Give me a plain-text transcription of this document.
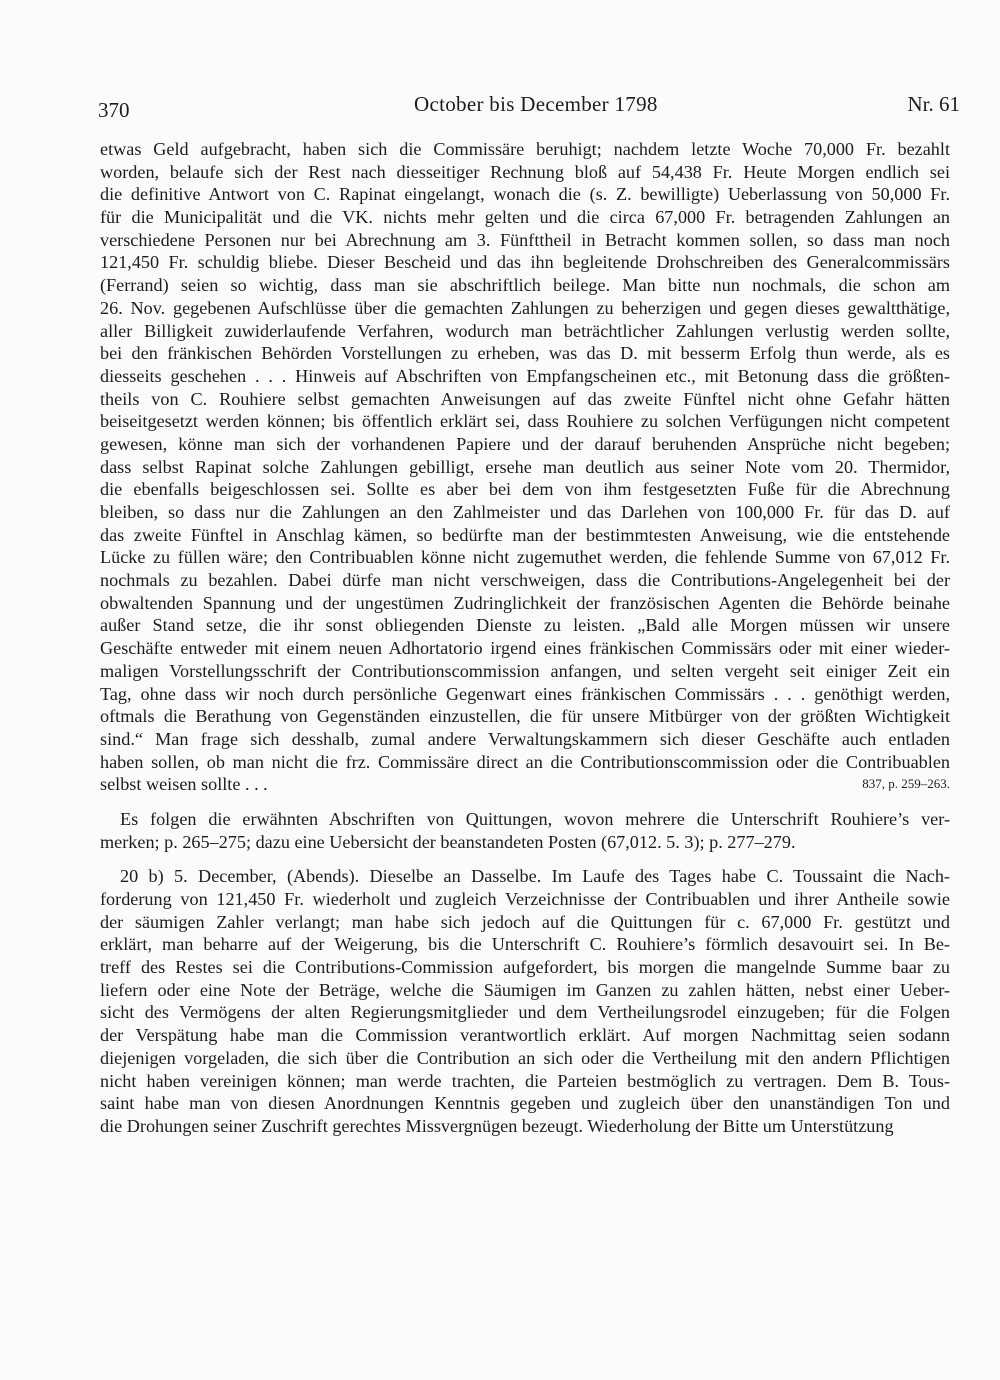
370	October bis December 1798	Nr. 61
etwas Geld aufgebracht, haben sich die Commissäre beruhigt; nachdem letzte Woche 70,000 Fr. bezahlt
worden, belaufe sich der Rest nach diesseitiger Rechnung bloß auf 54,438 Fr. Heute Morgen endlich sei
die definitive Antwort von C. Rapinat eingelangt, wonach die (s. Z. bewilligte) Ueberlassung von 50,000 Fr.
für die Municipalität und die VK. nichts mehr gelten und die circa 67,000 Fr. betragenden Zahlungen an
verschiedene Personen nur bei Abrechnung am 3. Fünfttheil in Betracht kommen sollen, so dass man noch
121,450 Fr. schuldig bliebe. Dieser Bescheid und das ihn begleitende Drohschreiben des Generalcommissärs
(Ferrand) seien so wichtig, dass man sie abschriftlich beilege. Man bitte nun nochmals, die schon am
26. Nov. gegebenen Aufschlüsse über die gemachten Zahlungen zu beherzigen und gegen dieses gewaltthätige,
aller Billigkeit zuwiderlaufende Verfahren, wodurch man beträchtlicher Zahlungen verlustig werden sollte,
bei den fränkischen Behörden Vorstellungen zu erheben, was das D. mit besserm Erfolg thun werde, als es
diesseits geschehen . . . Hinweis auf Abschriften von Empfangscheinen etc., mit Betonung dass die größten-
theils von C. Rouhiere selbst gemachten Anweisungen auf das zweite Fünftel nicht ohne Gefahr hätten
beiseitgesetzt werden können; bis öffentlich erklärt sei, dass Rouhiere zu solchen Verfügungen nicht competent
gewesen, könne man sich der vorhandenen Papiere und der darauf beruhenden Ansprüche nicht begeben;
dass selbst Rapinat solche Zahlungen gebilligt, ersehe man deutlich aus seiner Note vom 20. Thermidor,
die ebenfalls beigeschlossen sei. Sollte es aber bei dem von ihm festgesetzten Fuße für die Abrechnung
bleiben, so dass nur die Zahlungen an den Zahlmeister und das Darlehen von 100,000 Fr. für das D. auf
das zweite Fünftel in Anschlag kämen, so bedürfte man der bestimmtesten Anweisung, wie die entstehende
Lücke zu füllen wäre; den Contribuablen könne nicht zugemuthet werden, die fehlende Summe von 67,012 Fr.
nochmals zu bezahlen. Dabei dürfe man nicht verschweigen, dass die Contributions-Angelegenheit bei der
obwaltenden Spannung und der ungestümen Zudringlichkeit der französischen Agenten die Behörde beinahe
außer Stand setze, die ihr sonst obliegenden Dienste zu leisten. „Bald alle Morgen müssen wir unsere
Geschäfte entweder mit einem neuen Adhortatorio irgend eines fränkischen Commissärs oder mit einer wieder-
maligen Vorstellungsschrift der Contributionscommission anfangen, und selten vergeht seit einiger Zeit ein
Tag, ohne dass wir noch durch persönliche Gegenwart eines fränkischen Commissärs . . . genöthigt werden,
oftmals die Berathung von Gegenständen einzustellen, die für unsere Mitbürger von der größten Wichtigkeit
sind.“ Man frage sich desshalb, zumal andere Verwaltungskammern sich dieser Geschäfte auch entladen
haben sollen, ob man nicht die frz. Commissäre direct an die Contributionscommission oder die Contribuablen
selbst weisen sollte . . .	837, p. 259–263.
Es folgen die erwähnten Abschriften von Quittungen, wovon mehrere die Unterschrift Rouhiere’s ver-
merken; p. 265–275; dazu eine Uebersicht der beanstandeten Posten (67,012. 5. 3); p. 277–279.
20 b) 5. December, (Abends). Dieselbe an Dasselbe. Im Laufe des Tages habe C. Toussaint die Nach-
forderung von 121,450 Fr. wiederholt und zugleich Verzeichnisse der Contribuablen und ihrer Antheile sowie
der säumigen Zahler verlangt; man habe sich jedoch auf die Quittungen für c. 67,000 Fr. gestützt und
erklärt, man beharre auf der Weigerung, bis die Unterschrift C. Rouhiere’s förmlich desavouirt sei. In Be-
treff des Restes sei die Contributions-Commission aufgefordert, bis morgen die mangelnde Summe baar zu
liefern oder eine Note der Beträge, welche die Säumigen im Ganzen zu zahlen hätten, nebst einer Ueber-
sicht des Vermögens der alten Regierungsmitglieder und dem Vertheilungsrodel einzugeben; für die Folgen
der Verspätung habe man die Commission verantwortlich erklärt. Auf morgen Nachmittag seien sodann
diejenigen vorgeladen, die sich über die Contribution an sich oder die Vertheilung mit den andern Pflichtigen
nicht haben vereinigen können; man werde trachten, die Parteien bestmöglich zu vertragen. Dem B. Tous-
saint habe man von diesen Anordnungen Kenntnis gegeben und zugleich über den unanständigen Ton und
die Drohungen seiner Zuschrift gerechtes Missvergnügen bezeugt. Wiederholung der Bitte um Unterstützung
